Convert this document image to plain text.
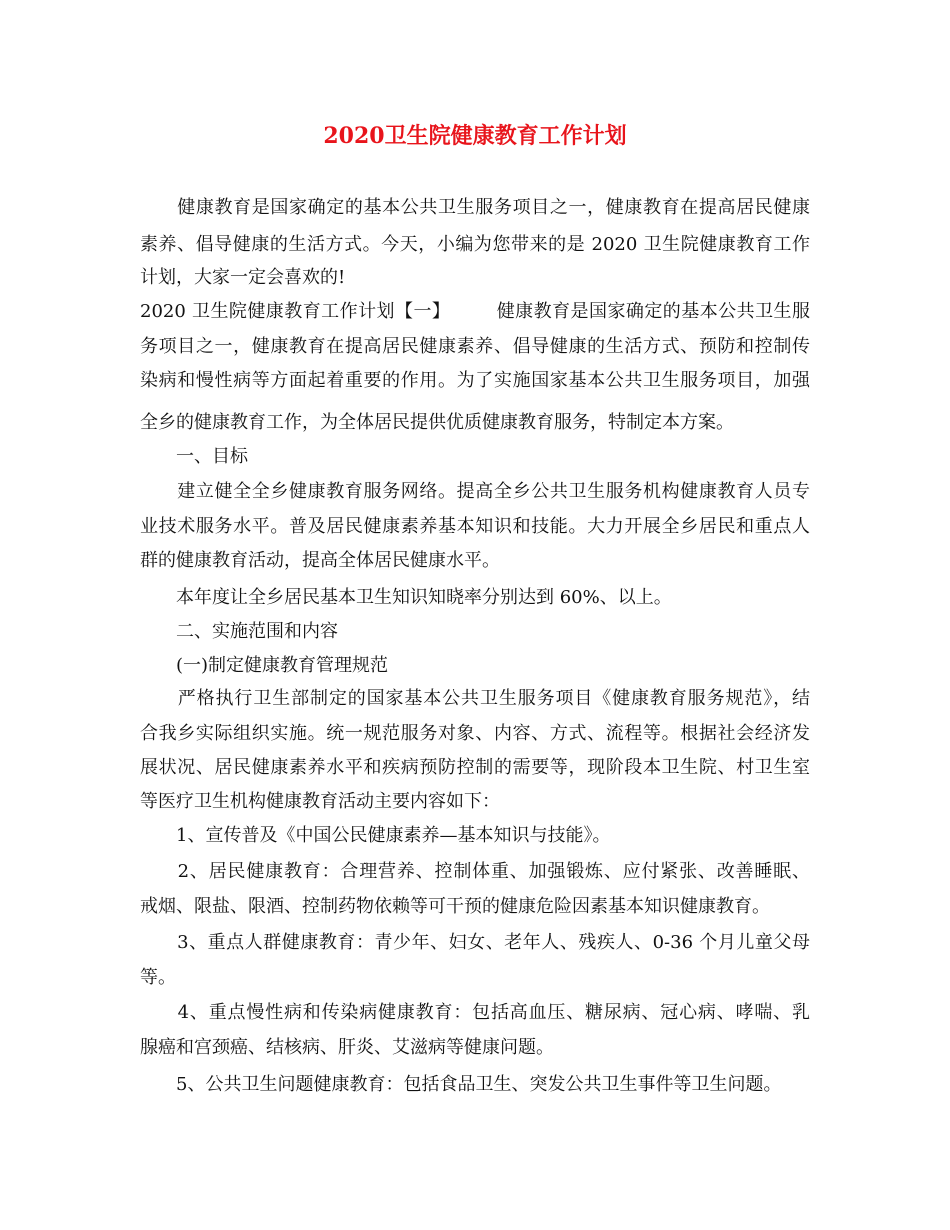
2020卫生院健康教育工作计划
　　健康教育是国家确定的基本公共卫生服务项目之一，健康教育在提高居民健康
素养、倡导健康的生活方式。今天，小编为您带来的是 2020 卫生院健康教育工作
计划，大家一定会喜欢的!
2020 卫生院健康教育工作计划【一】　　　健康教育是国家确定的基本公共卫生服
务项目之一，健康教育在提高居民健康素养、倡导健康的生活方式、预防和控制传
染病和慢性病等方面起着重要的作用。为了实施国家基本公共卫生服务项目，加强
全乡的健康教育工作，为全体居民提供优质健康教育服务，特制定本方案。
　　一、目标
　　建立健全全乡健康教育服务网络。提高全乡公共卫生服务机构健康教育人员专
业技术服务水平。普及居民健康素养基本知识和技能。大力开展全乡居民和重点人
群的健康教育活动，提高全体居民健康水平。
　　本年度让全乡居民基本卫生知识知晓率分别达到 60%、以上。
　　二、实施范围和内容
　　(一)制定健康教育管理规范
　　严格执行卫生部制定的国家基本公共卫生服务项目《健康教育服务规范》，结
合我乡实际组织实施。统一规范服务对象、内容、方式、流程等。根据社会经济发
展状况、居民健康素养水平和疾病预防控制的需要等，现阶段本卫生院、村卫生室
等医疗卫生机构健康教育活动主要内容如下：
　　1、宣传普及《中国公民健康素养—基本知识与技能》。
　　2、居民健康教育：合理营养、控制体重、加强锻炼、应付紧张、改善睡眠、
戒烟、限盐、限酒、控制药物依赖等可干预的健康危险因素基本知识健康教育。
　　3、重点人群健康教育：青少年、妇女、老年人、残疾人、0-36 个月儿童父母
等。
　　4、重点慢性病和传染病健康教育：包括高血压、糖尿病、冠心病、哮喘、乳
腺癌和宫颈癌、结核病、肝炎、艾滋病等健康问题。
　　5、公共卫生问题健康教育：包括食品卫生、突发公共卫生事件等卫生问题。
